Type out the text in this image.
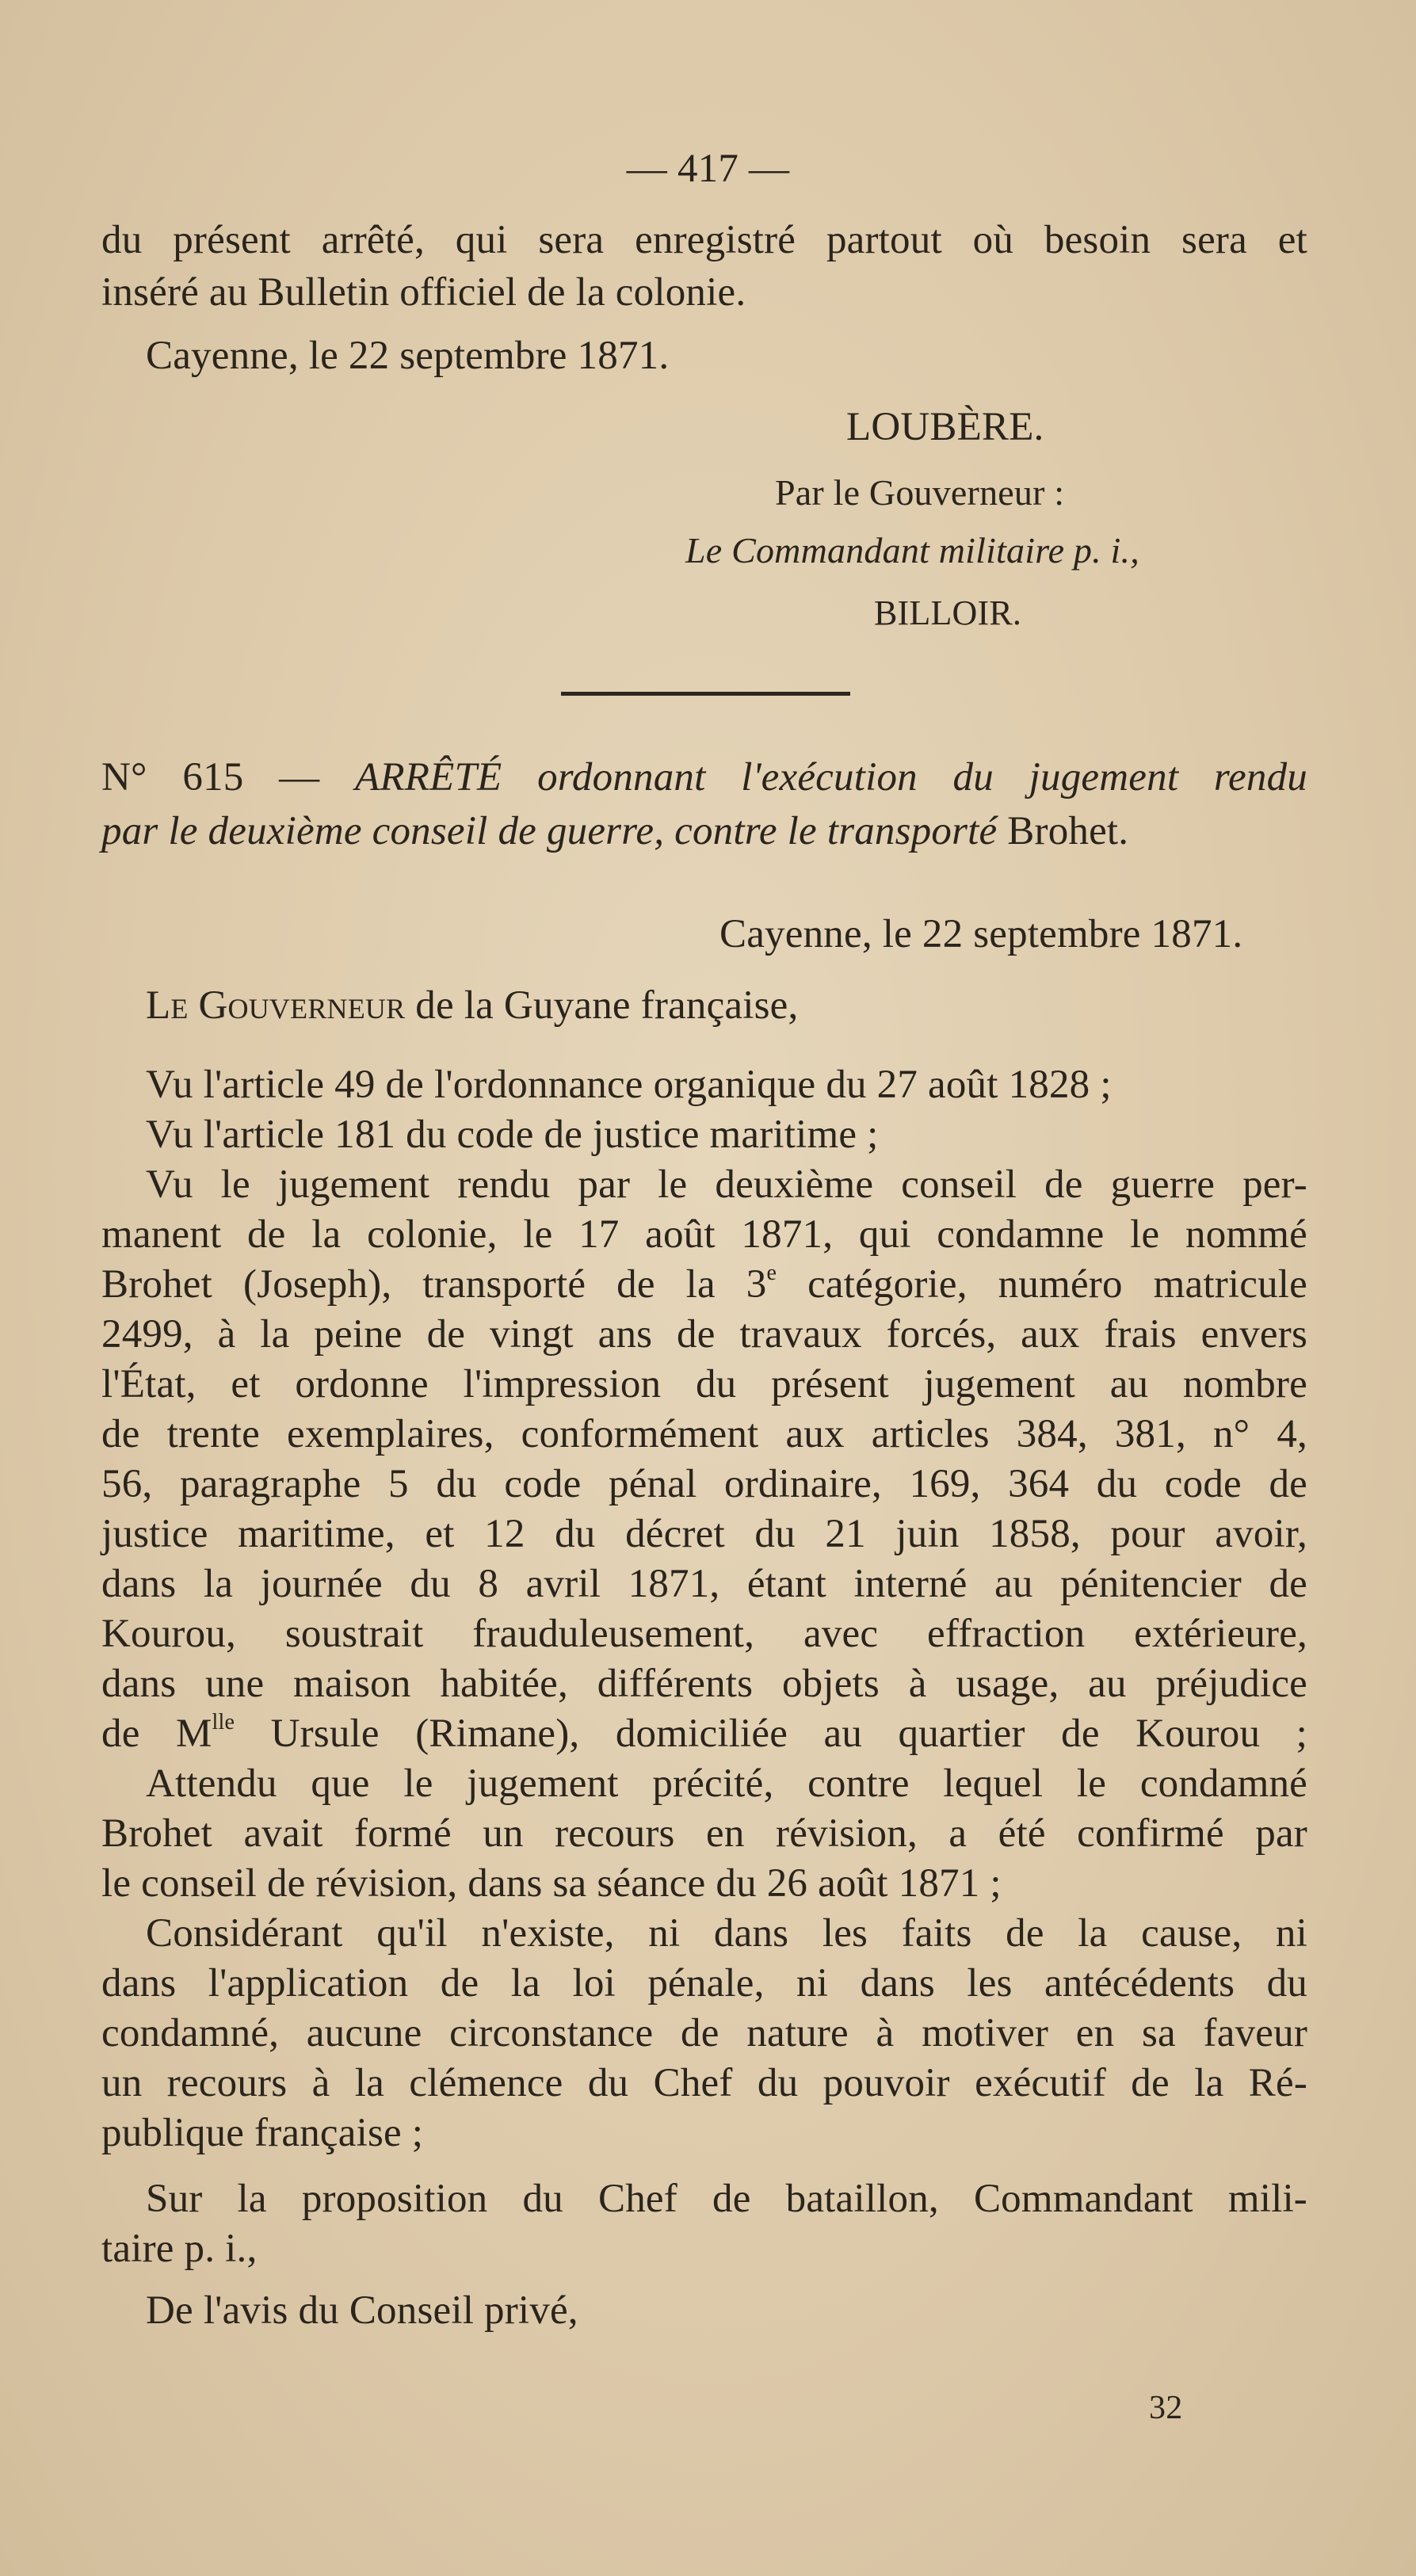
— 417 —
du présent arrêté, qui sera enregistré partout où besoin sera et
inséré au Bulletin officiel de la colonie.
Cayenne, le 22 septembre 1871.
LOUBÈRE.
Par le Gouverneur :
Le Commandant militaire p. i.,
BILLOIR.
N° 615 — ARRÊTÉ ordonnant l'exécution du jugement rendu
par le deuxième conseil de guerre, contre le transporté Brohet.
Cayenne, le 22 septembre 1871.
Le Gouverneur de la Guyane française,
Vu l'article 49 de l'ordonnance organique du 27 août 1828 ;
Vu l'article 181 du code de justice maritime ;
Vu le jugement rendu par le deuxième conseil de guerre per-
manent de la colonie, le 17 août 1871, qui condamne le nommé
Brohet (Joseph), transporté de la 3e catégorie, numéro matricule
2499, à la peine de vingt ans de travaux forcés, aux frais envers
l'État, et ordonne l'impression du présent jugement au nombre
de trente exemplaires, conformément aux articles 384, 381, n° 4,
56, paragraphe 5 du code pénal ordinaire, 169, 364 du code de
justice maritime, et 12 du décret du 21 juin 1858, pour avoir,
dans la journée du 8 avril 1871, étant interné au pénitencier de
Kourou, soustrait frauduleusement, avec effraction extérieure,
dans une maison habitée, différents objets à usage, au préjudice
de $M^{lle}$ Ursule (Rimane), domiciliée au quartier de Kourou ;
Attendu que le jugement précité, contre lequel le condamné
Brohet avait formé un recours en révision, a été confirmé par
le conseil de révision, dans sa séance du 26 août 1871 ;
Considérant qu'il n'existe, ni dans les faits de la cause, ni
dans l'application de la loi pénale, ni dans les antécédents du
condamné, aucune circonstance de nature à motiver en sa faveur
un recours à la clémence du Chef du pouvoir exécutif de la Ré-
publique française ;
Sur la proposition du Chef de bataillon, Commandant mili-
taire p. i.,
De l'avis du Conseil privé,
32
